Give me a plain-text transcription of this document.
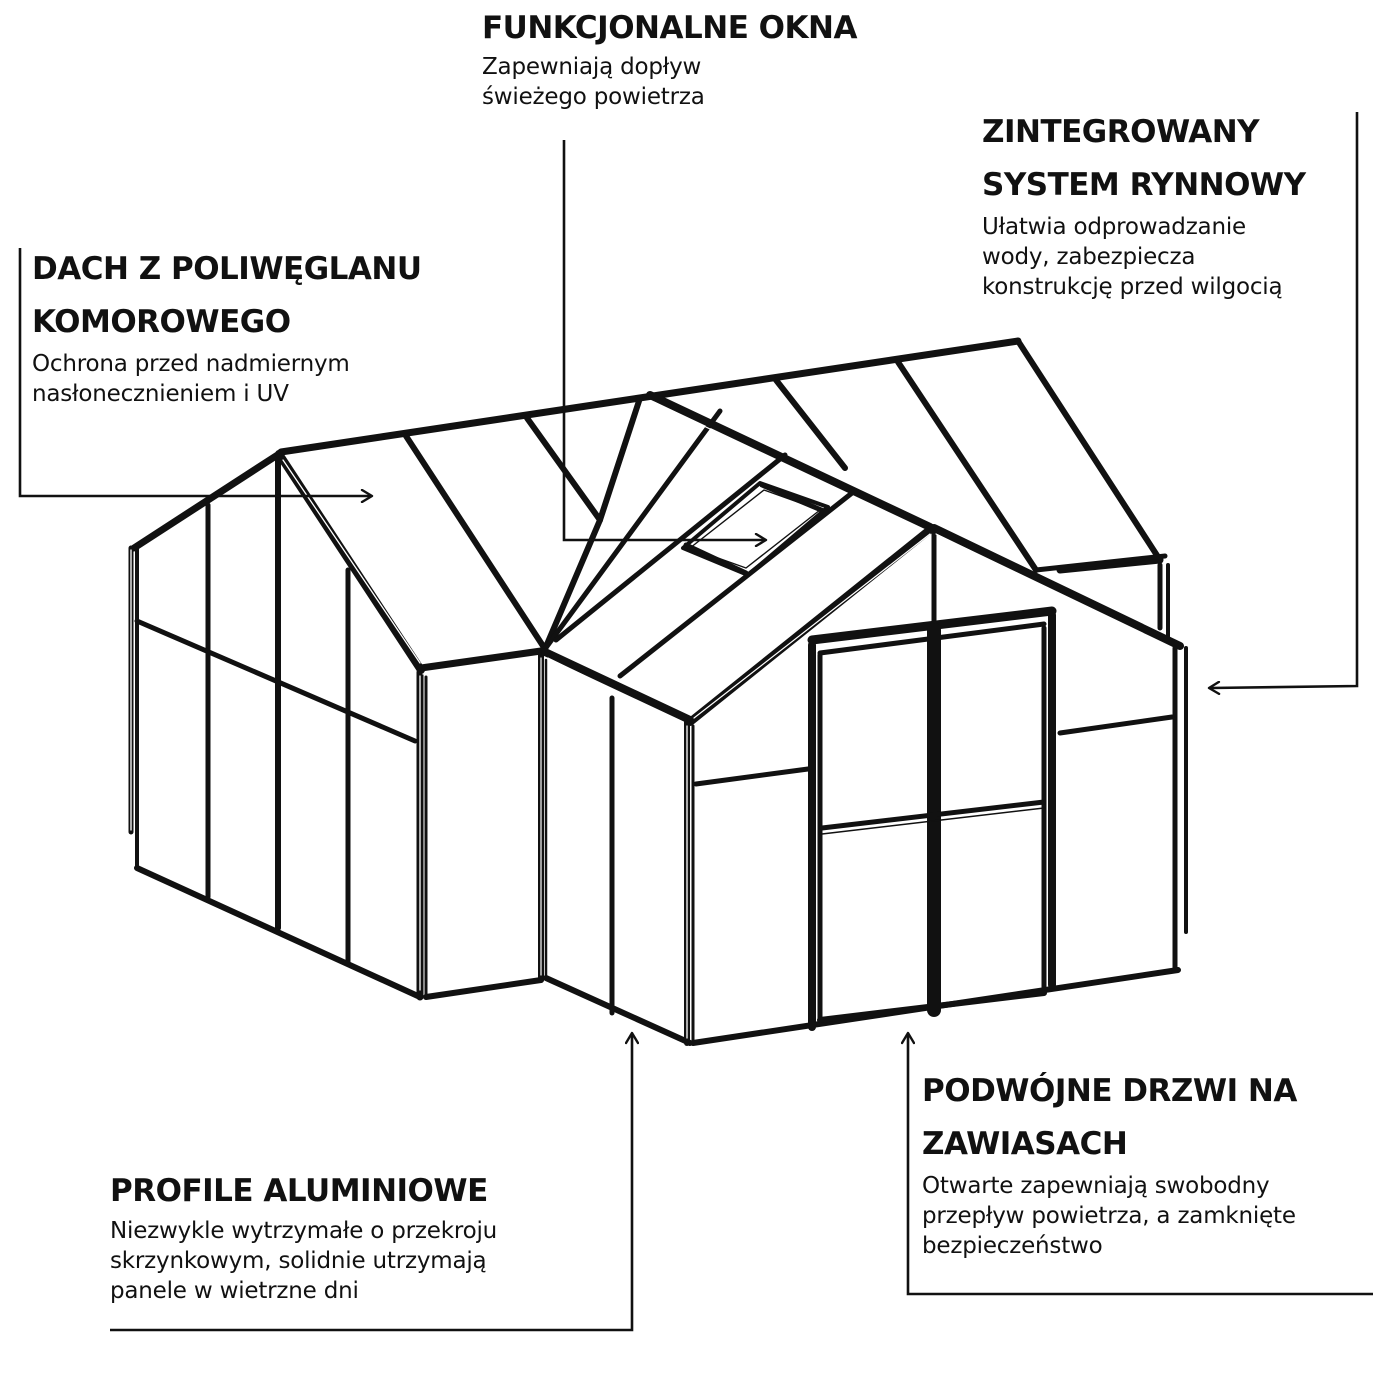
FUNKCJONALNE OKNA
Zapewniają dopływ
świeżego powietrza
ZINTEGROWANY
SYSTEM RYNNOWY
Ułatwia odprowadzanie
wody, zabezpiecza
konstrukcję przed wilgocią
DACH Z POLIWĘGLANU
KOMOROWEGO
Ochrona przed nadmiernym
nasłonecznieniem i UV
PROFILE ALUMINIOWE
Niezwykle wytrzymałe o przekroju
skrzynkowym, solidnie utrzymają
panele w wietrzne dni
PODWÓJNE DRZWI NA
ZAWIASACH
Otwarte zapewniają swobodny
przepływ powietrza, a zamknięte
bezpieczeństwo
